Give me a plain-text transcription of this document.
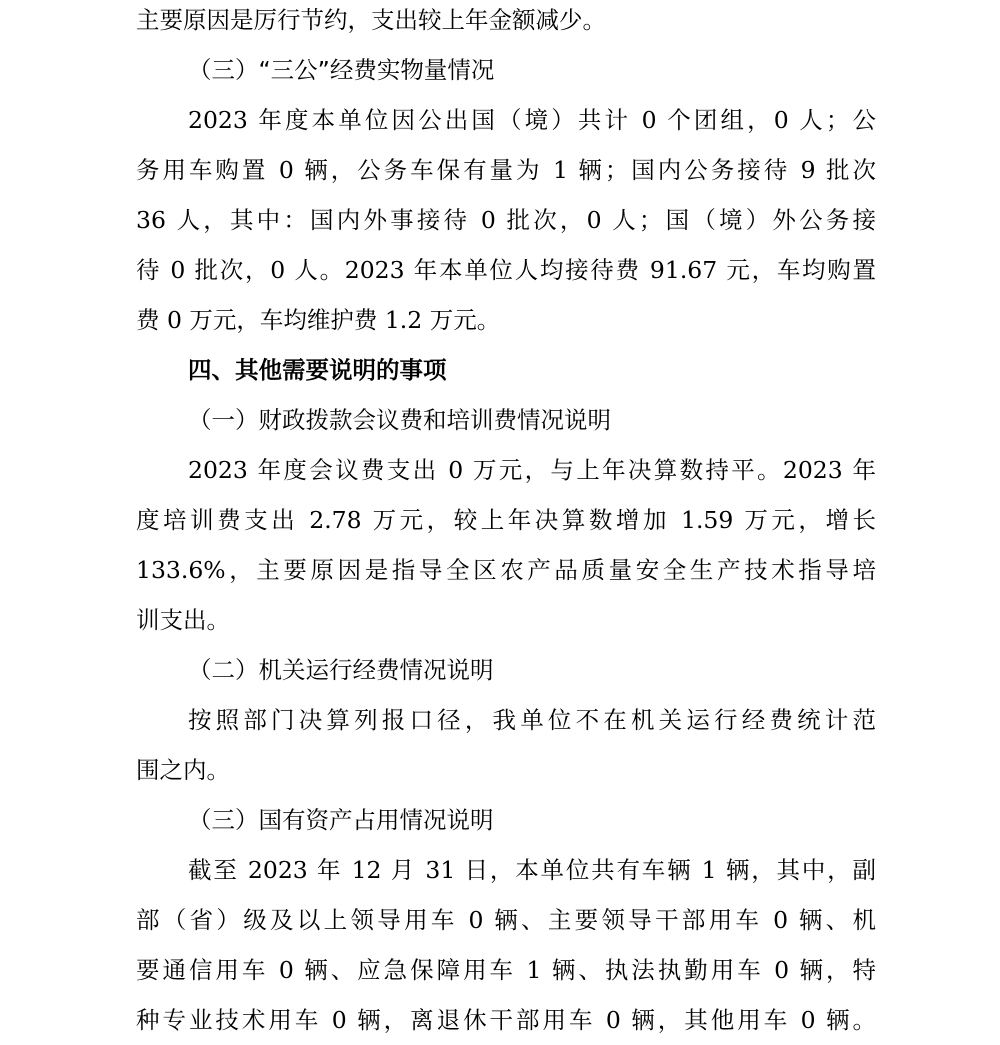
主要原因是厉行节约，支出较上年金额减少。
（三）“三公”经费实物量情况
2023 年度本单位因公出国（境）共计 0 个团组，0 人；公
务用车购置 0 辆，公务车保有量为 1 辆；国内公务接待 9 批次
36 人，其中：国内外事接待 0 批次，0 人；国（境）外公务接
待 0 批次，0 人。2023 年本单位人均接待费 91.67 元，车均购置
费 0 万元，车均维护费 1.2 万元。
四、其他需要说明的事项
（一）财政拨款会议费和培训费情况说明
2023 年度会议费支出 0 万元，与上年决算数持平。2023 年
度培训费支出 2.78 万元，较上年决算数增加 1.59 万元，增长
133.6%，主要原因是指导全区农产品质量安全生产技术指导培
训支出。
（二）机关运行经费情况说明
按照部门决算列报口径，我单位不在机关运行经费统计范
围之内。
（三）国有资产占用情况说明
截至 2023 年 12 月 31 日，本单位共有车辆 1 辆，其中，副
部（省）级及以上领导用车 0 辆、主要领导干部用车 0 辆、机
要通信用车 0 辆、应急保障用车 1 辆、执法执勤用车 0 辆，特
种专业技术用车 0 辆，离退休干部用车 0 辆，其他用车 0 辆。
